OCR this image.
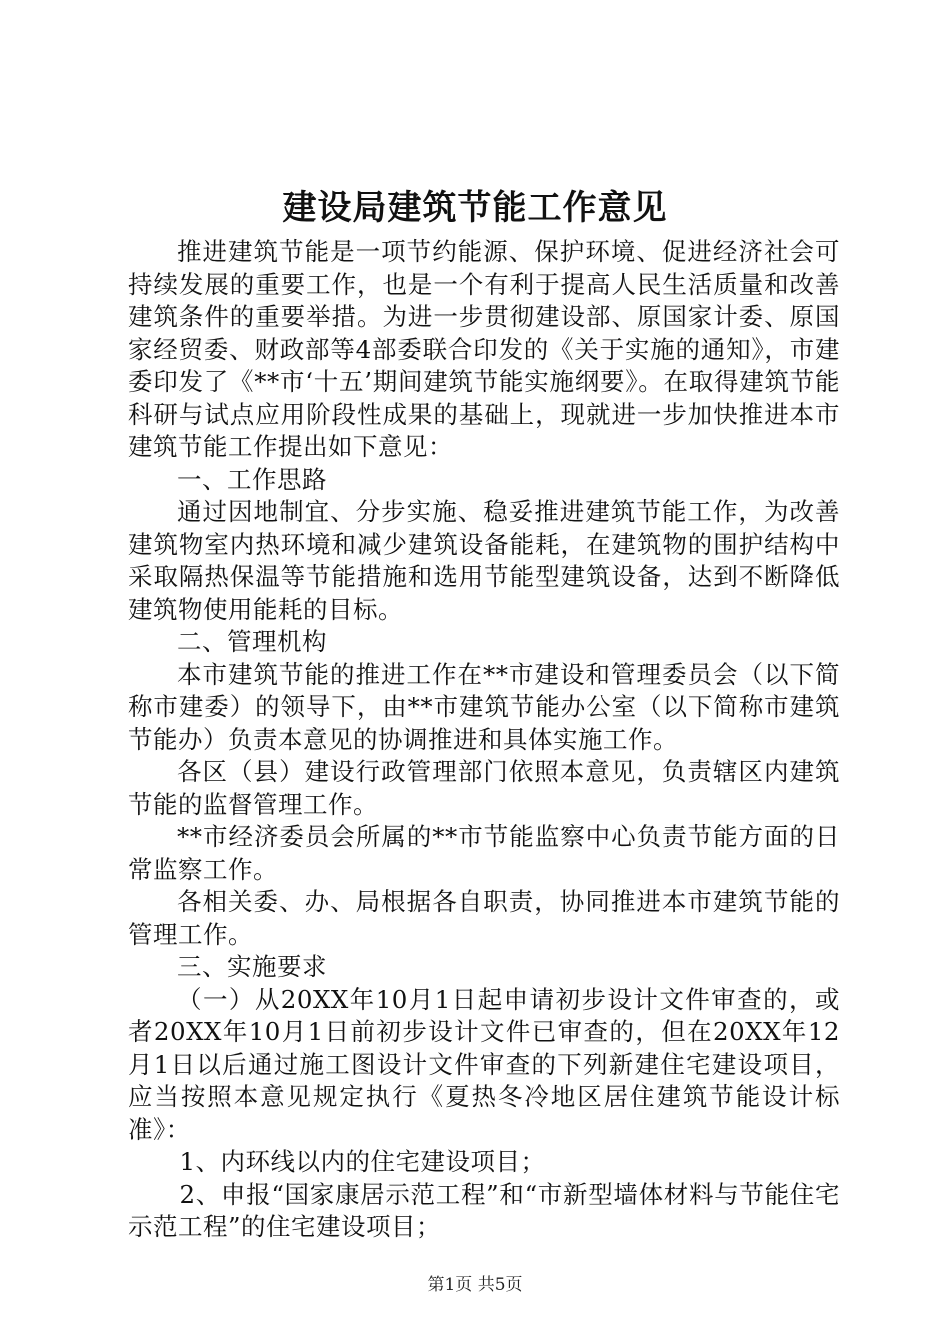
建设局建筑节能工作意见

推进建筑节能是一项节约能源、保护环境、促进经济社会可持续发展的重要工作，也是一个有利于提高人民生活质量和改善建筑条件的重要举措。为进一步贯彻建设部、原国家计委、原国家经贸委、财政部等4部委联合印发的《关于实施的通知》，市建委印发了《**市‘十五’期间建筑节能实施纲要》。在取得建筑节能科研与试点应用阶段性成果的基础上，现就进一步加快推进本市建筑节能工作提出如下意见：

一、工作思路

通过因地制宜、分步实施、稳妥推进建筑节能工作，为改善建筑物室内热环境和减少建筑设备能耗，在建筑物的围护结构中采取隔热保温等节能措施和选用节能型建筑设备，达到不断降低建筑物使用能耗的目标。

二、管理机构

本市建筑节能的推进工作在**市建设和管理委员会（以下简称市建委）的领导下，由**市建筑节能办公室（以下简称市建筑节能办）负责本意见的协调推进和具体实施工作。

各区（县）建设行政管理部门依照本意见，负责辖区内建筑节能的监督管理工作。

**市经济委员会所属的**市节能监察中心负责节能方面的日常监察工作。

各相关委、办、局根据各自职责，协同推进本市建筑节能的管理工作。

三、实施要求

（一）从20XX年10月1日起申请初步设计文件审查的，或者20XX年10月1日前初步设计文件已审查的，但在20XX年12月1日以后通过施工图设计文件审查的下列新建住宅建设项目，应当按照本意见规定执行《夏热冬冷地区居住建筑节能设计标准》：

1、内环线以内的住宅建设项目；

2、申报“国家康居示范工程”和“市新型墙体材料与节能住宅示范工程”的住宅建设项目；

第1页 共5页
